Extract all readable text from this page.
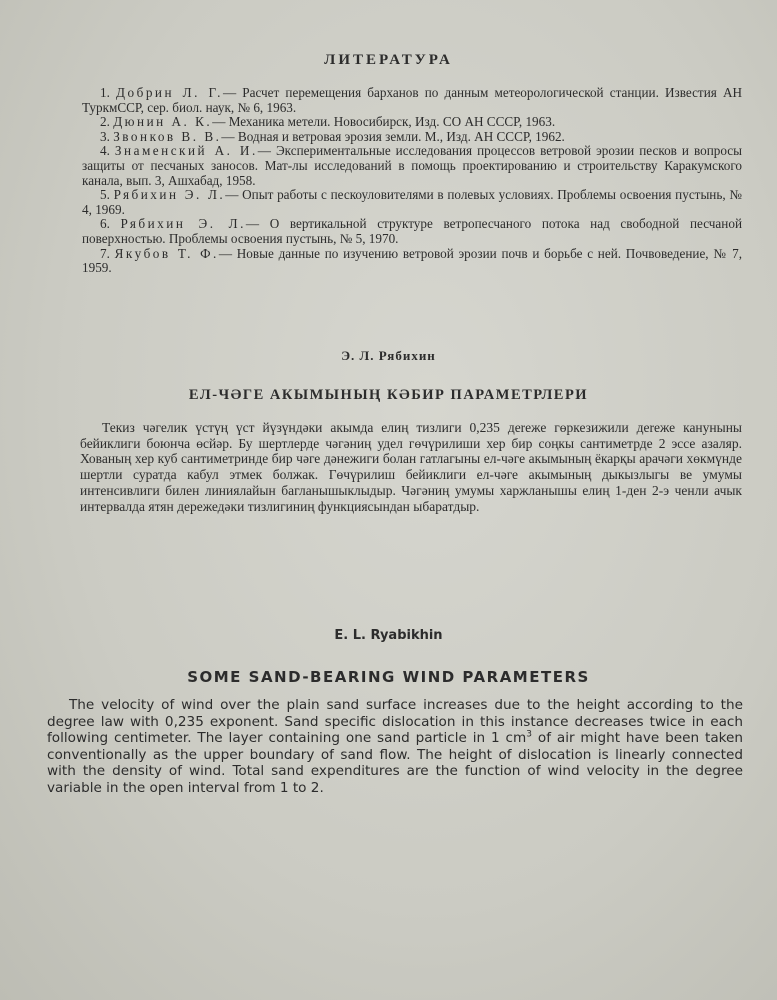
ЛИТЕРАТУРА

1. Добрин Л. Г.— Расчет перемещения барханов по данным метеорологической станции. Известия АН ТуркмССР, сер. биол. наук, № 6, 1963.

2. Дюнин А. К.— Механика метели. Новосибирск, Изд. СО АН СССР, 1963.

3. Звонков В. В.— Водная и ветровая эрозия земли. М., Изд. АН СССР, 1962.

4. Знаменский А. И.— Экспериментальные исследования процессов ветровой эрозии песков и вопросы защиты от песчаных заносов. Мат-лы исследований в помощь проектированию и строительству Каракумского канала, вып. 3, Ашхабад, 1958.

5. Рябихин Э. Л.— Опыт работы с пескоуловителями в полевых условиях. Проблемы освоения пустынь, № 4, 1969.

6. Рябихин Э. Л.— О вертикальной структуре ветропесчаного потока над свободной песчаной поверхностью. Проблемы освоения пустынь, № 5, 1970.

7. Якубов Т. Ф.— Новые данные по изучению ветровой эрозии почв и борьбе с ней. Почвоведение, № 7, 1959.

Э. Л. Рябихин
ЕЛ-ЧӘГЕ АКЫМЫНЫҢ КӘБИР ПАРАМЕТРЛЕРИ

Текиз чәгелик үстүң үст йүзүндәки акымда елиң тизлиги 0,235 дereже гөркезижили дereже кануныны бейиклиги боюнча өсйәр. Бу шертлерде чәгәниң удел гөчүрилиши хер бир соңкы сантиметрде 2 эссе азаляр. Хованың хер куб сантиметринде бир чәге дәнежиги болан гатлагыны ел-чәге акымының ёкарқы арачәги хөкмүнде шертли суратда кабул этмек болжак. Гөчүрилиш бейиклиги ел-чәге акымының дыкызлыгы ве умумы интенсивлиги билен линиялайын багланышыклыдыр. Чәгәниң умумы харжланышы елиң 1-ден 2-э ченли ачык интервалда ятян дережедәки тизлигиниң функциясындан ыбаратдыр.

E. L. Ryabikhin
SOME SAND-BEARING WIND PARAMETERS

The velocity of wind over the plain sand surface increases due to the height according to the degree law with 0,235 exponent. Sand specific dislocation in this instance decreases twice in each following centimeter. The layer containing one sand particle in 1 $cm^3$ of air might have been taken conventionally as the upper boundary of sand flow. The height of dislocation is linearly connected with the density of wind. Total sand expenditures are the function of wind velocity in the degree variable in the open interval from 1 to 2.
